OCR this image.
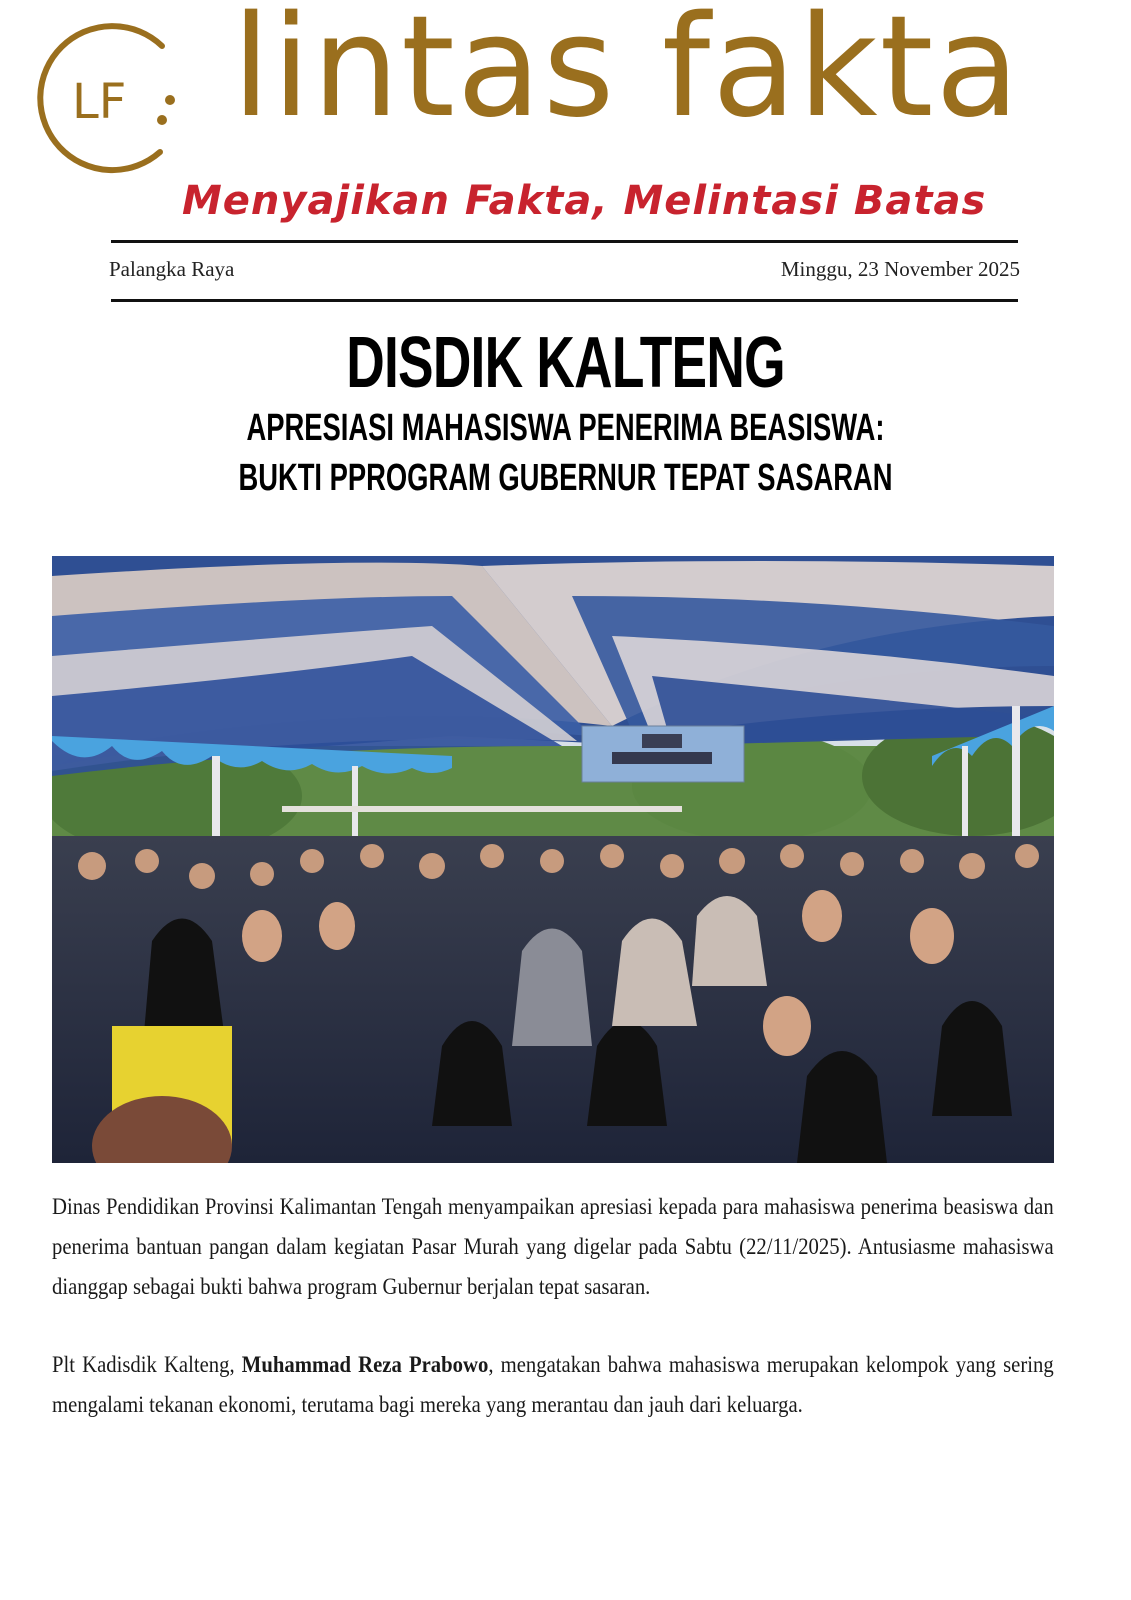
LF lintas fakta
Menyajikan Fakta, Melintasi Batas
Palangka Raya	Minggu, 23 November 2025
DISDIK KALTENG
APRESIASI MAHASISWA PENERIMA BEASISWA:
BUKTI PPROGRAM GUBERNUR TEPAT SASARAN

Dinas Pendidikan Provinsi Kalimantan Tengah menyampaikan apresiasi kepada para mahasiswa penerima beasiswa dan penerima bantuan pangan dalam kegiatan Pasar Murah yang digelar pada Sabtu (22/11/2025). Antusiasme mahasiswa dianggap sebagai bukti bahwa program Gubernur berjalan tepat sasaran.

Plt Kadisdik Kalteng, Muhammad Reza Prabowo, mengatakan bahwa mahasiswa merupakan kelompok yang sering mengalami tekanan ekonomi, terutama bagi mereka yang merantau dan jauh dari keluarga.
